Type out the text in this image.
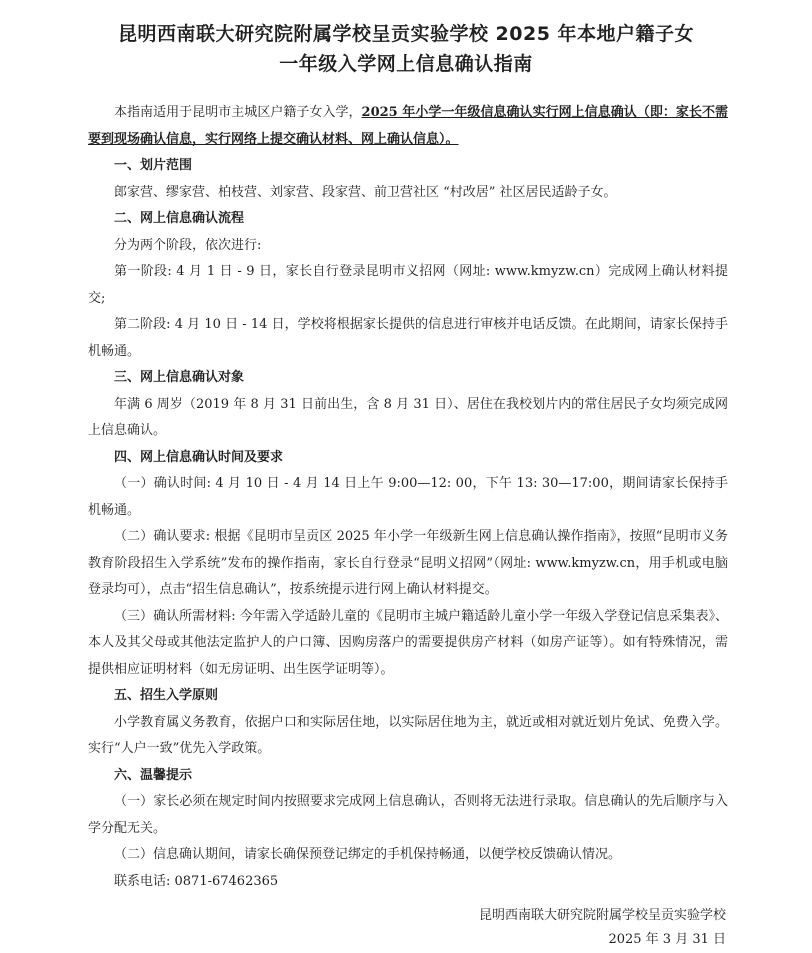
昆明西南联大研究院附属学校呈贡实验学校 2025 年本地户籍子女
一年级入学网上信息确认指南

本指南适用于昆明市主城区户籍子女入学，2025 年小学一年级信息确认实行网上信息确认（即：家长不需要到现场确认信息，实行网络上提交确认材料、网上确认信息）。

一、划片范围

郎家营、缪家营、柏枝营、刘家营、段家营、前卫营社区 “村改居” 社区居民适龄子女。

二、网上信息确认流程

分为两个阶段，依次进行:

第一阶段: 4 月 1 日 - 9 日，家长自行登录昆明市义招网（网址: www.kmyzw.cn）完成网上确认材料提交;

第二阶段: 4 月 10 日 - 14 日，学校将根据家长提供的信息进行审核并电话反馈。在此期间，请家长保持手机畅通。

三、网上信息确认对象

年满 6 周岁（2019 年 8 月 31 日前出生，含 8 月 31 日）、居住在我校划片内的常住居民子女均须完成网上信息确认。

四、网上信息确认时间及要求

（一）确认时间: 4 月 10 日 - 4 月 14 日上午 9:00—12: 00，下午 13: 30—17:00，期间请家长保持手机畅通。

（二）确认要求: 根据《昆明市呈贡区 2025 年小学一年级新生网上信息确认操作指南》，按照“昆明市义务教育阶段招生入学系统”发布的操作指南，家长自行登录“昆明义招网”（网址: www.kmyzw.cn，用手机或电脑登录均可），点击“招生信息确认”，按系统提示进行网上确认材料提交。

（三）确认所需材料: 今年需入学适龄儿童的《昆明市主城户籍适龄儿童小学一年级入学登记信息采集表》、本人及其父母或其他法定监护人的户口簿、因购房落户的需要提供房产材料（如房产证等）。如有特殊情况，需提供相应证明材料（如无房证明、出生医学证明等）。

五、招生入学原则

小学教育属义务教育，依据户口和实际居住地，以实际居住地为主，就近或相对就近划片免试、免费入学。实行“人户一致”优先入学政策。

六、温馨提示

（一）家长必须在规定时间内按照要求完成网上信息确认，否则将无法进行录取。信息确认的先后顺序与入学分配无关。

（二）信息确认期间，请家长确保预登记绑定的手机保持畅通，以便学校反馈确认情况。

联系电话: 0871-67462365

昆明西南联大研究院附属学校呈贡实验学校
2025 年 3 月 31 日
